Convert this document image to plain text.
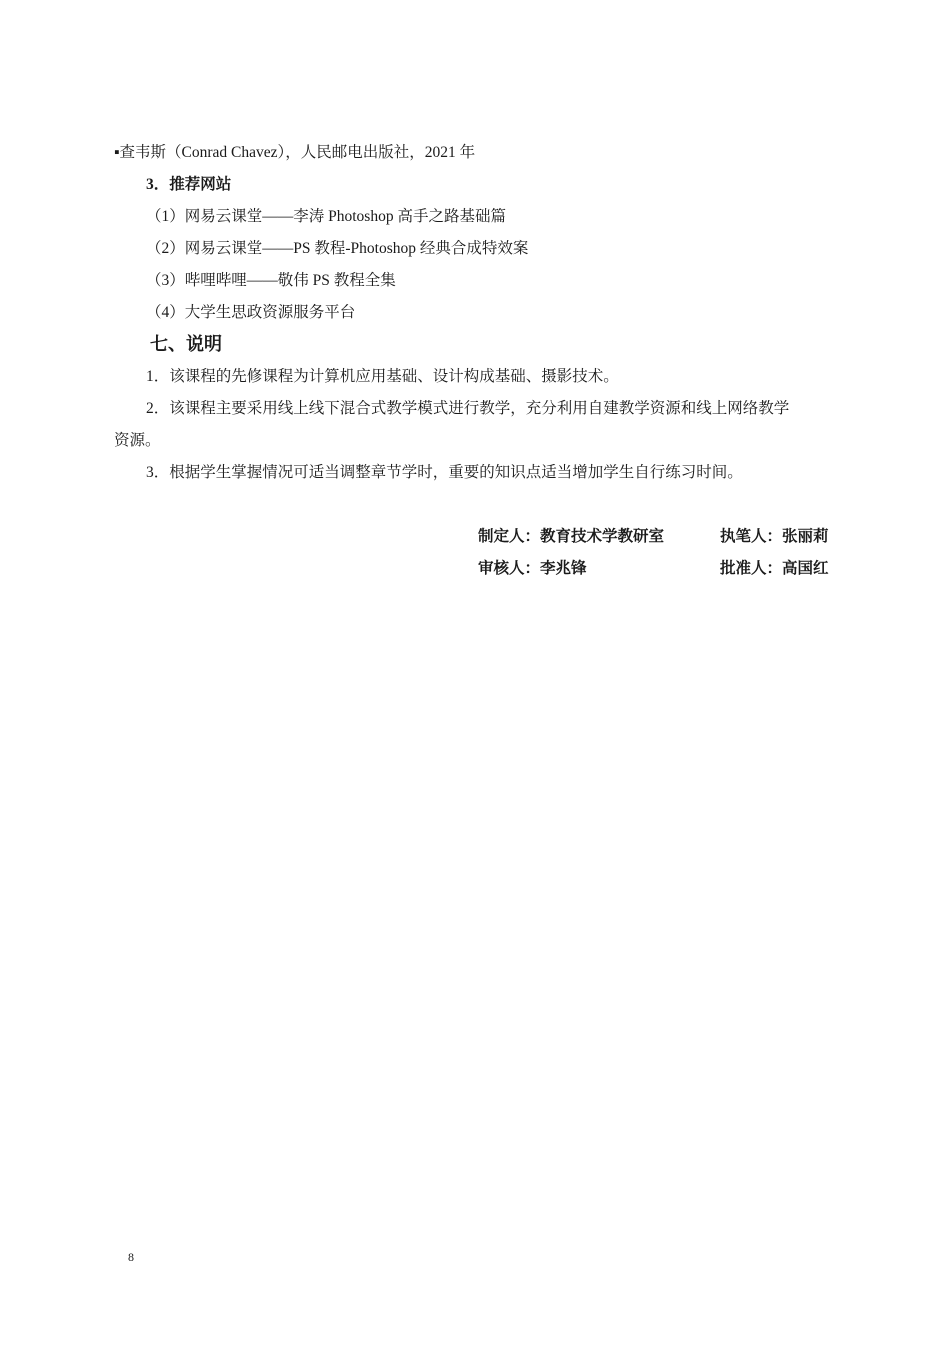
▪查韦斯（Conrad Chavez），人民邮电出版社，2021 年
3．推荐网站
（1）网易云课堂——李涛 Photoshop 高手之路基础篇
（2）网易云课堂——PS 教程-Photoshop 经典合成特效案
（3）哔哩哔哩——敬伟 PS 教程全集
（4）大学生思政资源服务平台
七、说明
1．该课程的先修课程为计算机应用基础、设计构成基础、摄影技术。
2．该课程主要采用线上线下混合式教学模式进行教学，充分利用自建教学资源和线上网络教学
资源。
3．根据学生掌握情况可适当调整章节学时，重要的知识点适当增加学生自行练习时间。
制定人：教育技术学教研室	执笔人：张丽莉
审核人：李兆锋	批准人：高国红
8
